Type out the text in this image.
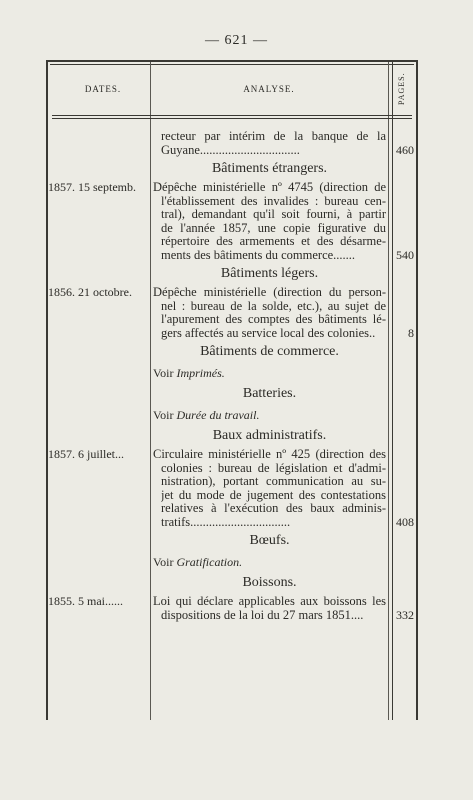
— 621 —
DATES.	ANALYSE.	PAGES.
recteur par intérim de la banque de la
Guyane................................	460
Bâtiments étrangers.
1857. 15 septemb.	Dépêche ministérielle nº 4745 (direction de
l'établissement des invalides : bureau cen-
tral), demandant qu'il soit fourni, à partir
de l'année 1857, une copie figurative du
répertoire des armements et des désarme-
ments des bâtiments du commerce.......	540
Bâtiments légers.
1856. 21 octobre.	Dépêche ministérielle (direction du person-
nel : bureau de la solde, etc.), au sujet de
l'apurement des comptes des bâtiments lé-
gers affectés au service local des colonies..	8
Bâtiments de commerce.
Voir Imprimés.
Batteries.
Voir Durée du travail.
Baux administratifs.
1857. 6 juillet...	Circulaire ministérielle nº 425 (direction des
colonies : bureau de législation et d'admi-
nistration), portant communication au su-
jet du mode de jugement des contestations
relatives à l'exécution des baux adminis-
tratifs................................	408
Bœufs.
Voir Gratification.
Boissons.
1855. 5 mai......	Loi qui déclare applicables aux boissons les
dispositions de la loi du 27 mars 1851....	332
